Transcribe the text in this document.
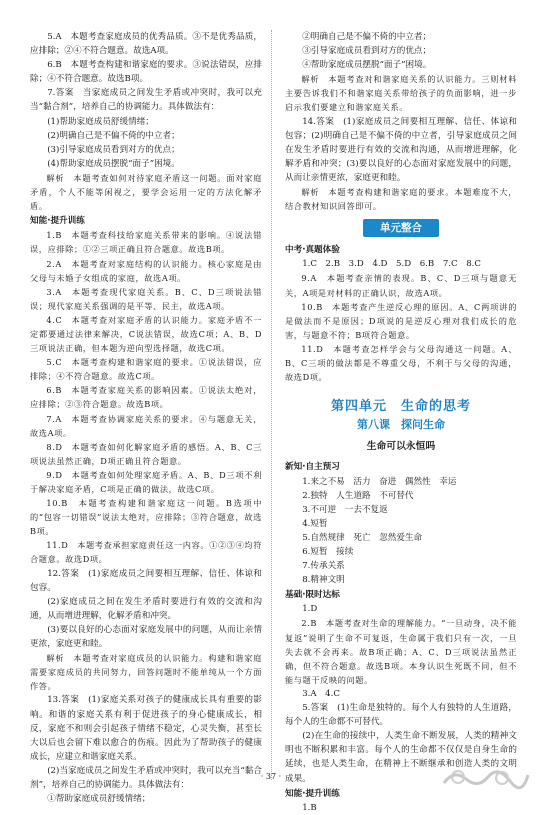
5.A　本题考查家庭成员的优秀品质。③不是优秀品质，应排除；②④不符合题意。故选A项。

6.B　本题考查构建和谐家庭的要求。③说法错误，应排除；④不符合题意。故选B项。

7.答案　当家庭成员之间发生矛盾或冲突时，我可以充当“黏合剂”，培养自己的协调能力。具体做法有：

(1)帮助家庭成员舒缓情绪；

(2)明确自己是不偏不倚的中立者；

(3)引导家庭成员看到对方的优点；

(4)帮助家庭成员摆脱“面子”困境。

解析　本题考查如何对待家庭矛盾这一问题。面对家庭矛盾，个人不能等闲视之，要学会运用一定的方法化解矛盾。

知能·提升训练

1.B　本题考查科技给家庭关系带来的影响。④说法错误，应排除；①②三项正确且符合题意。故选B项。

2.A　本题考查对家庭结构的认识能力。核心家庭是由父母与未婚子女组成的家庭，故选A项。

3.A　本题考查现代家庭关系。B、C、D三项说法错误；现代家庭关系强调的是平等、民主，故选A项。

4.C　本题考查对家庭矛盾的认识能力。家庭矛盾不一定都要通过法律来解决，C说法错误，故选C项；A、B、D三项说法正确，但本题为逆向型选择题，故选C项。

5.C　本题考查构建和谐家庭的要求。①说法错误，应排除；④不符合题意。故选C项。

6.B　本题考查家庭关系的影响因素。①说法太绝对，应排除；②③符合题意。故选B项。

7.A　本题考查协调家庭关系的要求。④与题意无关，故选A项。

8.D　本题考查如何化解家庭矛盾的感悟。A、B、C三项说法虽然正确，D项正确且符合题意。

9.D　本题考查如何处理家庭矛盾。A、B、D三项不利于解决家庭矛盾，C项是正确的做法，故选C项。

10.B　本题考查构建和谐家庭这一问题。B选项中的“包容一切错误”说法太绝对，应排除；③符合题意，故选B项。

11.D　本题考查承担家庭责任这一内容。①②③④均符合题意。故选D项。

12.答案　(1)家庭成员之间要相互理解、信任、体谅和包容。

(2)家庭成员之间在发生矛盾时要进行有效的交流和沟通，从而增进理解，化解矛盾和冲突。

(3)要以良好的心态面对家庭发展中的问题，从而让亲情更浓，家庭更和睦。

解析　本题考查对家庭成员的认识能力。构建和谐家庭需要家庭成员的共同努力，回答问题时不能单纯从一个方面作答。

13.答案　(1)家庭关系对孩子的健康成长具有重要的影响。和谐的家庭关系有利于促进孩子的身心健康成长，相反，家庭不和则会引起孩子情绪不稳定，心灵失衡，甚至长大以后也会留下难以愈合的伤痕。因此为了帮助孩子的健康成长，应建立和谐家庭关系。

(2)当家庭成员之间发生矛盾或冲突时，我可以充当“黏合剂”，培养自己的协调能力。具体做法有：

①帮助家庭成员舒缓情绪；

②明确自己是不偏不倚的中立者；

③引导家庭成员看到对方的优点；

④帮助家庭成员摆脱“面子”困境。

解析　本题考查对和谐家庭关系的认识能力。三则材料主要告诉我们不和谐家庭关系带给孩子的负面影响，进一步启示我们要建立和谐家庭关系。

14.答案　(1)家庭成员之间要相互理解、信任、体谅和包容；(2)明确自己是不偏不倚的中立者，引导家庭成员之间在发生矛盾时要进行有效的交流和沟通，从而增进理解，化解矛盾和冲突；(3)要以良好的心态面对家庭发展中的问题，从而让亲情更浓，家庭更和睦。

解析　本题考查构建和谐家庭的要求。本题难度不大，结合教材知识回答即可。

单元整合

中考·真题体验

1.C　2.B　3.D　4.D　5.D　6.B　7.C　8.C

9.A　本题考查亲情的表现。B、C、D三项与题意无关，A项是对材料的正确认识，故选A项。

10.B　本题考查产生逆反心理的原因。A、C两项讲的是做法而不是原因；D项说的是逆反心理对我们成长的危害，与题意不符；B项符合题意。

11.D　本题考查怎样学会与父母沟通这一问题。A、B、C三项的做法都是不尊重父母，不利于与父母的沟通，故选D项。

第四单元　生命的思考
第八课　探问生命
生命可以永恒吗

新知·自主预习

1.来之不易　活力　奋进　偶然性　幸运

2.独特　人生道路　不可替代

3.不可逆　一去不复返

4.短暂

5.自然规律　死亡　忽然爱生命

6.短暂　接续

7.传承关系

8.精神文明

基础·限时达标

1.D

2.B　本题考查对生命的理解能力。“一旦动身，决不能复返”说明了生命不可复返，生命属于我们只有一次，一旦失去就不会再来。故B项正确；A、C、D三项说法虽然正确，但不符合题意。故选B项。本身认识生死既不同，但不能与题干反映的问题。

3.A　4.C

5.答案　(1)生命是独特的。每个人有独特的人生道路，每个人的生命都不可替代。

(2)在生命的接续中，人类生命不断发展，人类的精神文明也不断积累和丰富。每个人的生命都不仅仅是自身生命的延续，也是人类生命，在精神上不断继承和创造人类的文明成果。

知能·提升训练

1.B

· 37 ·
